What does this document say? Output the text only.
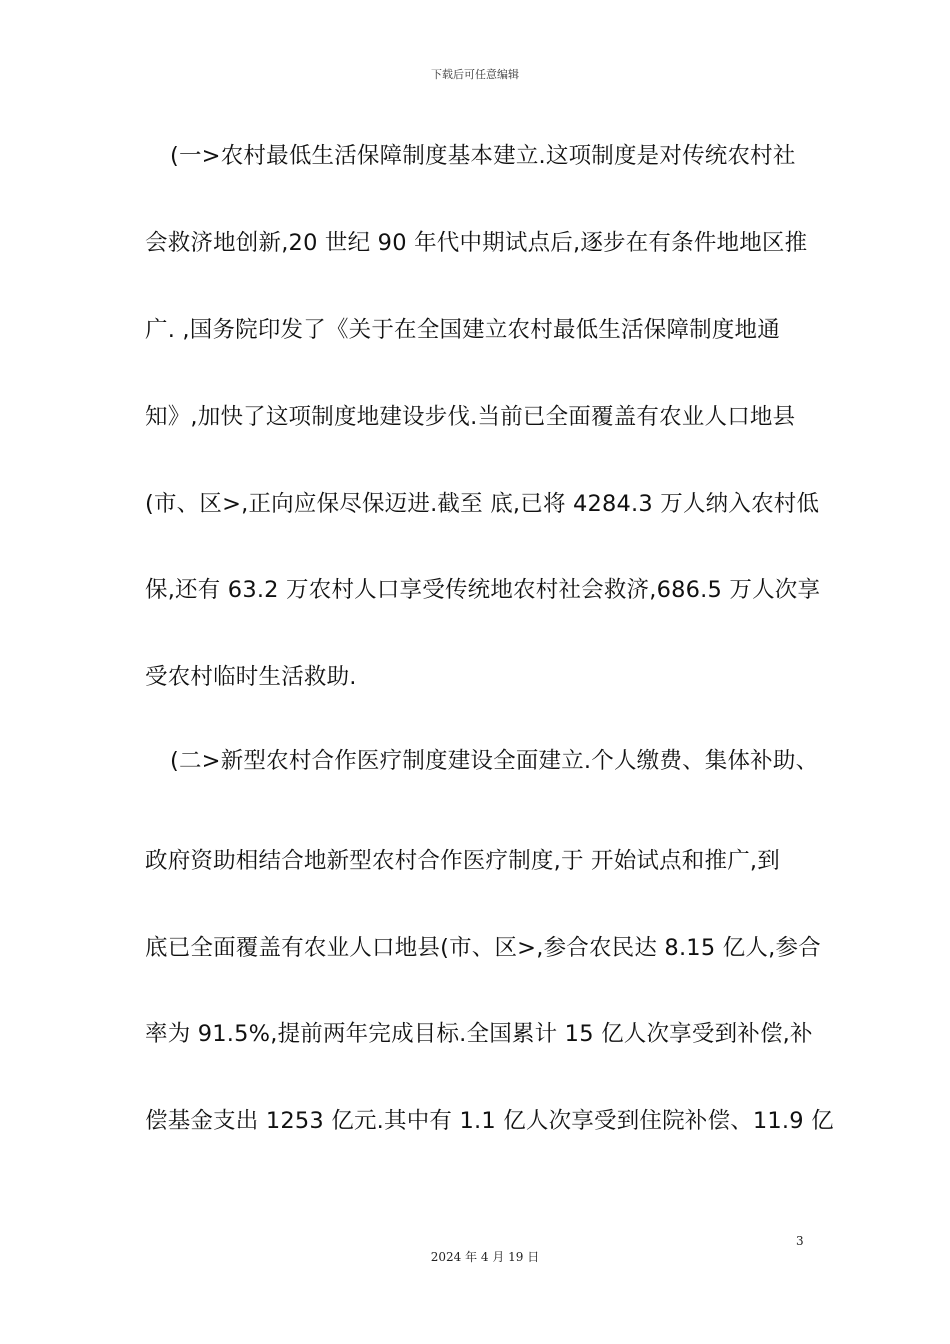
下载后可任意编辑
(一>农村最低生活保障制度基本建立.这项制度是对传统农村社
会救济地创新,20 世纪 90 年代中期试点后,逐步在有条件地地区推
广. ,国务院印发了《关于在全国建立农村最低生活保障制度地通
知》,加快了这项制度地建设步伐.当前已全面覆盖有农业人口地县
(市、区>,正向应保尽保迈进.截至 底,已将 4284.3 万人纳入农村低
保,还有 63.2 万农村人口享受传统地农村社会救济,686.5 万人次享
受农村临时生活救助.
(二>新型农村合作医疗制度建设全面建立.个人缴费、集体补助、
政府资助相结合地新型农村合作医疗制度,于 开始试点和推广,到
底已全面覆盖有农业人口地县(市、区>,参合农民达 8.15 亿人,参合
率为 91.5%,提前两年完成目标.全国累计 15 亿人次享受到补偿,补
偿基金支出 1253 亿元.其中有 1.1 亿人次享受到住院补偿、11.9 亿
3
2024 年 4 月 19 日
